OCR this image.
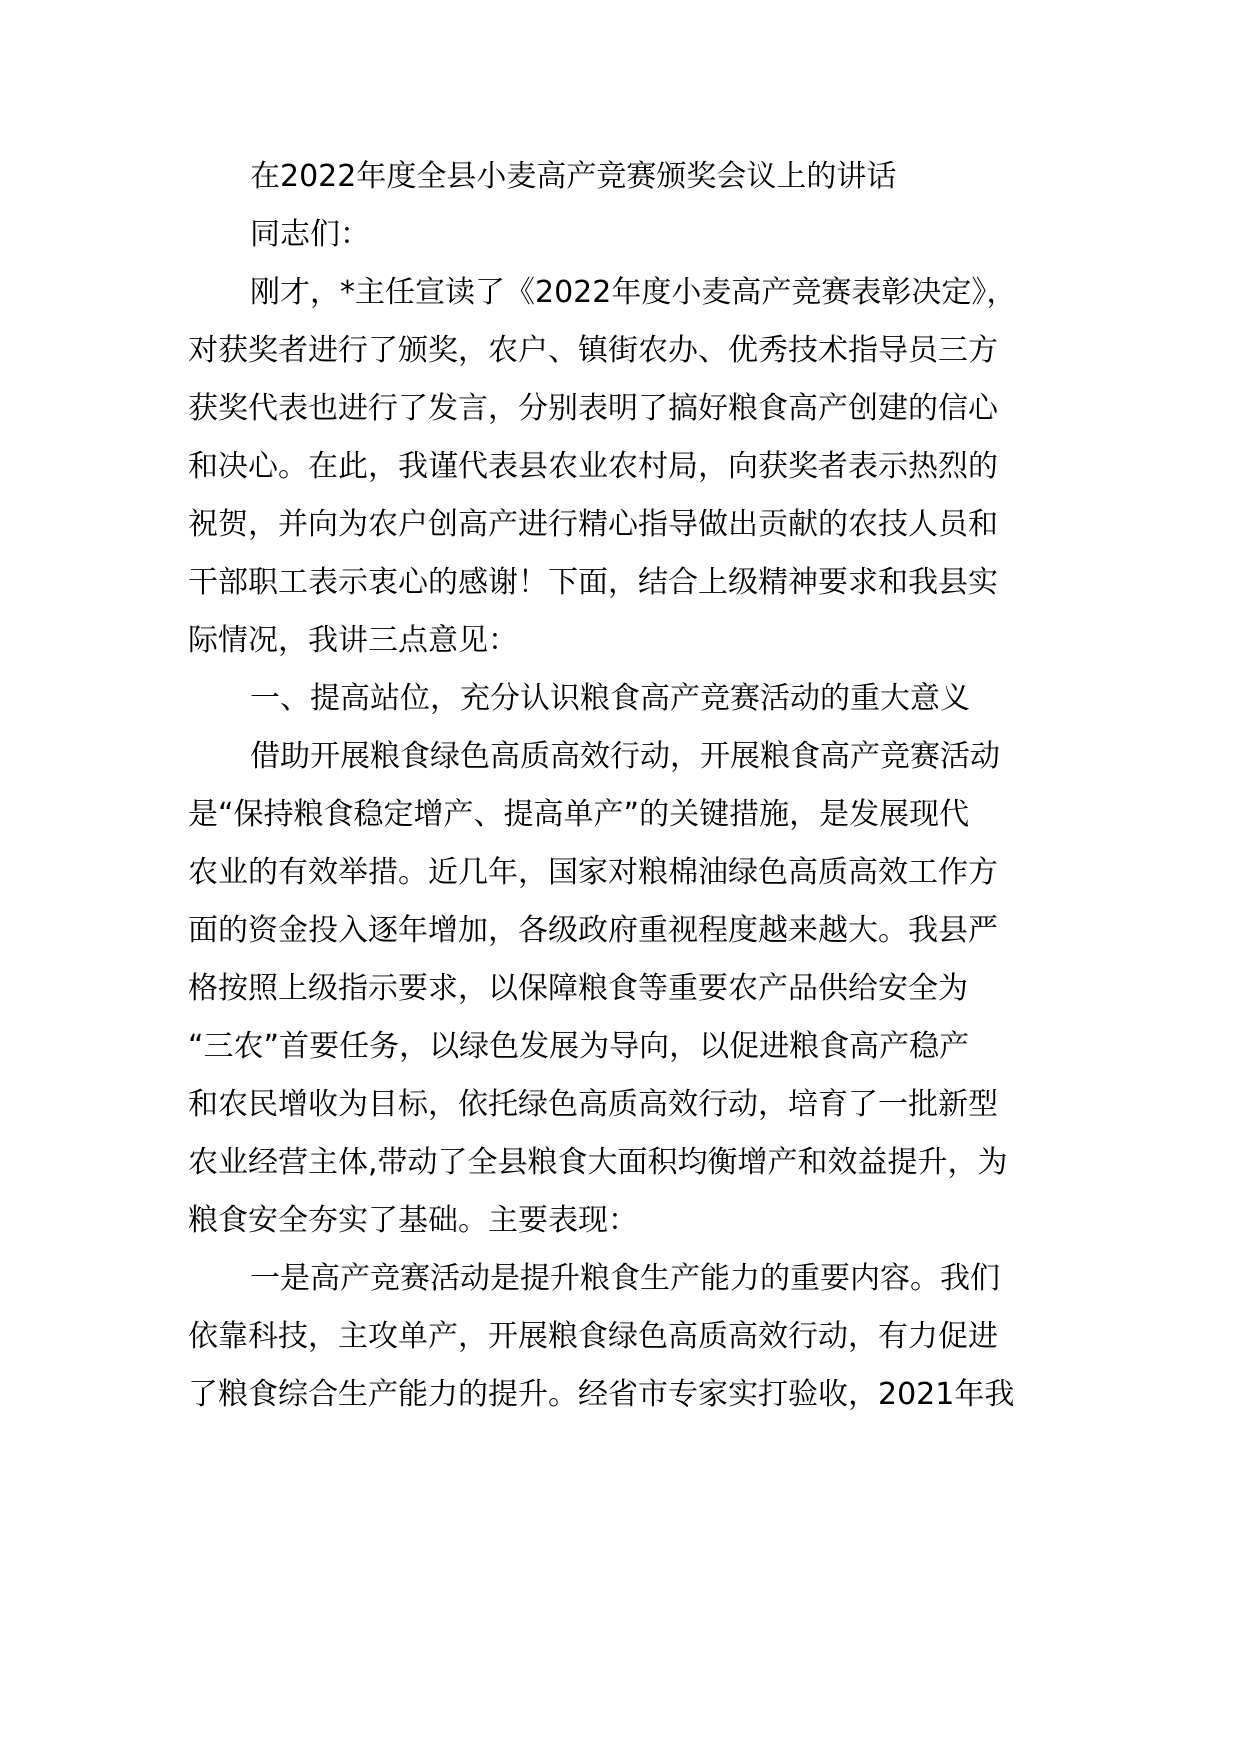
在2022年度全县小麦高产竞赛颁奖会议上的讲话
同志们：
刚才，*主任宣读了《2022年度小麦高产竞赛表彰决定》，
对获奖者进行了颁奖，农户、镇街农办、优秀技术指导员三方
获奖代表也进行了发言，分别表明了搞好粮食高产创建的信心
和决心。在此，我谨代表县农业农村局，向获奖者表示热烈的
祝贺，并向为农户创高产进行精心指导做出贡献的农技人员和
干部职工表示衷心的感谢！下面，结合上级精神要求和我县实
际情况，我讲三点意见：
一、提高站位，充分认识粮食高产竞赛活动的重大意义
借助开展粮食绿色高质高效行动，开展粮食高产竞赛活动
是“保持粮食稳定增产、提高单产”的关键措施，是发展现代
农业的有效举措。近几年，国家对粮棉油绿色高质高效工作方
面的资金投入逐年增加，各级政府重视程度越来越大。我县严
格按照上级指示要求，以保障粮食等重要农产品供给安全为
“三农”首要任务，以绿色发展为导向，以促进粮食高产稳产
和农民增收为目标，依托绿色高质高效行动，培育了一批新型
农业经营主体,带动了全县粮食大面积均衡增产和效益提升，为
粮食安全夯实了基础。主要表现：
一是高产竞赛活动是提升粮食生产能力的重要内容。我们
依靠科技，主攻单产，开展粮食绿色高质高效行动，有力促进
了粮食综合生产能力的提升。经省市专家实打验收，2021年我
